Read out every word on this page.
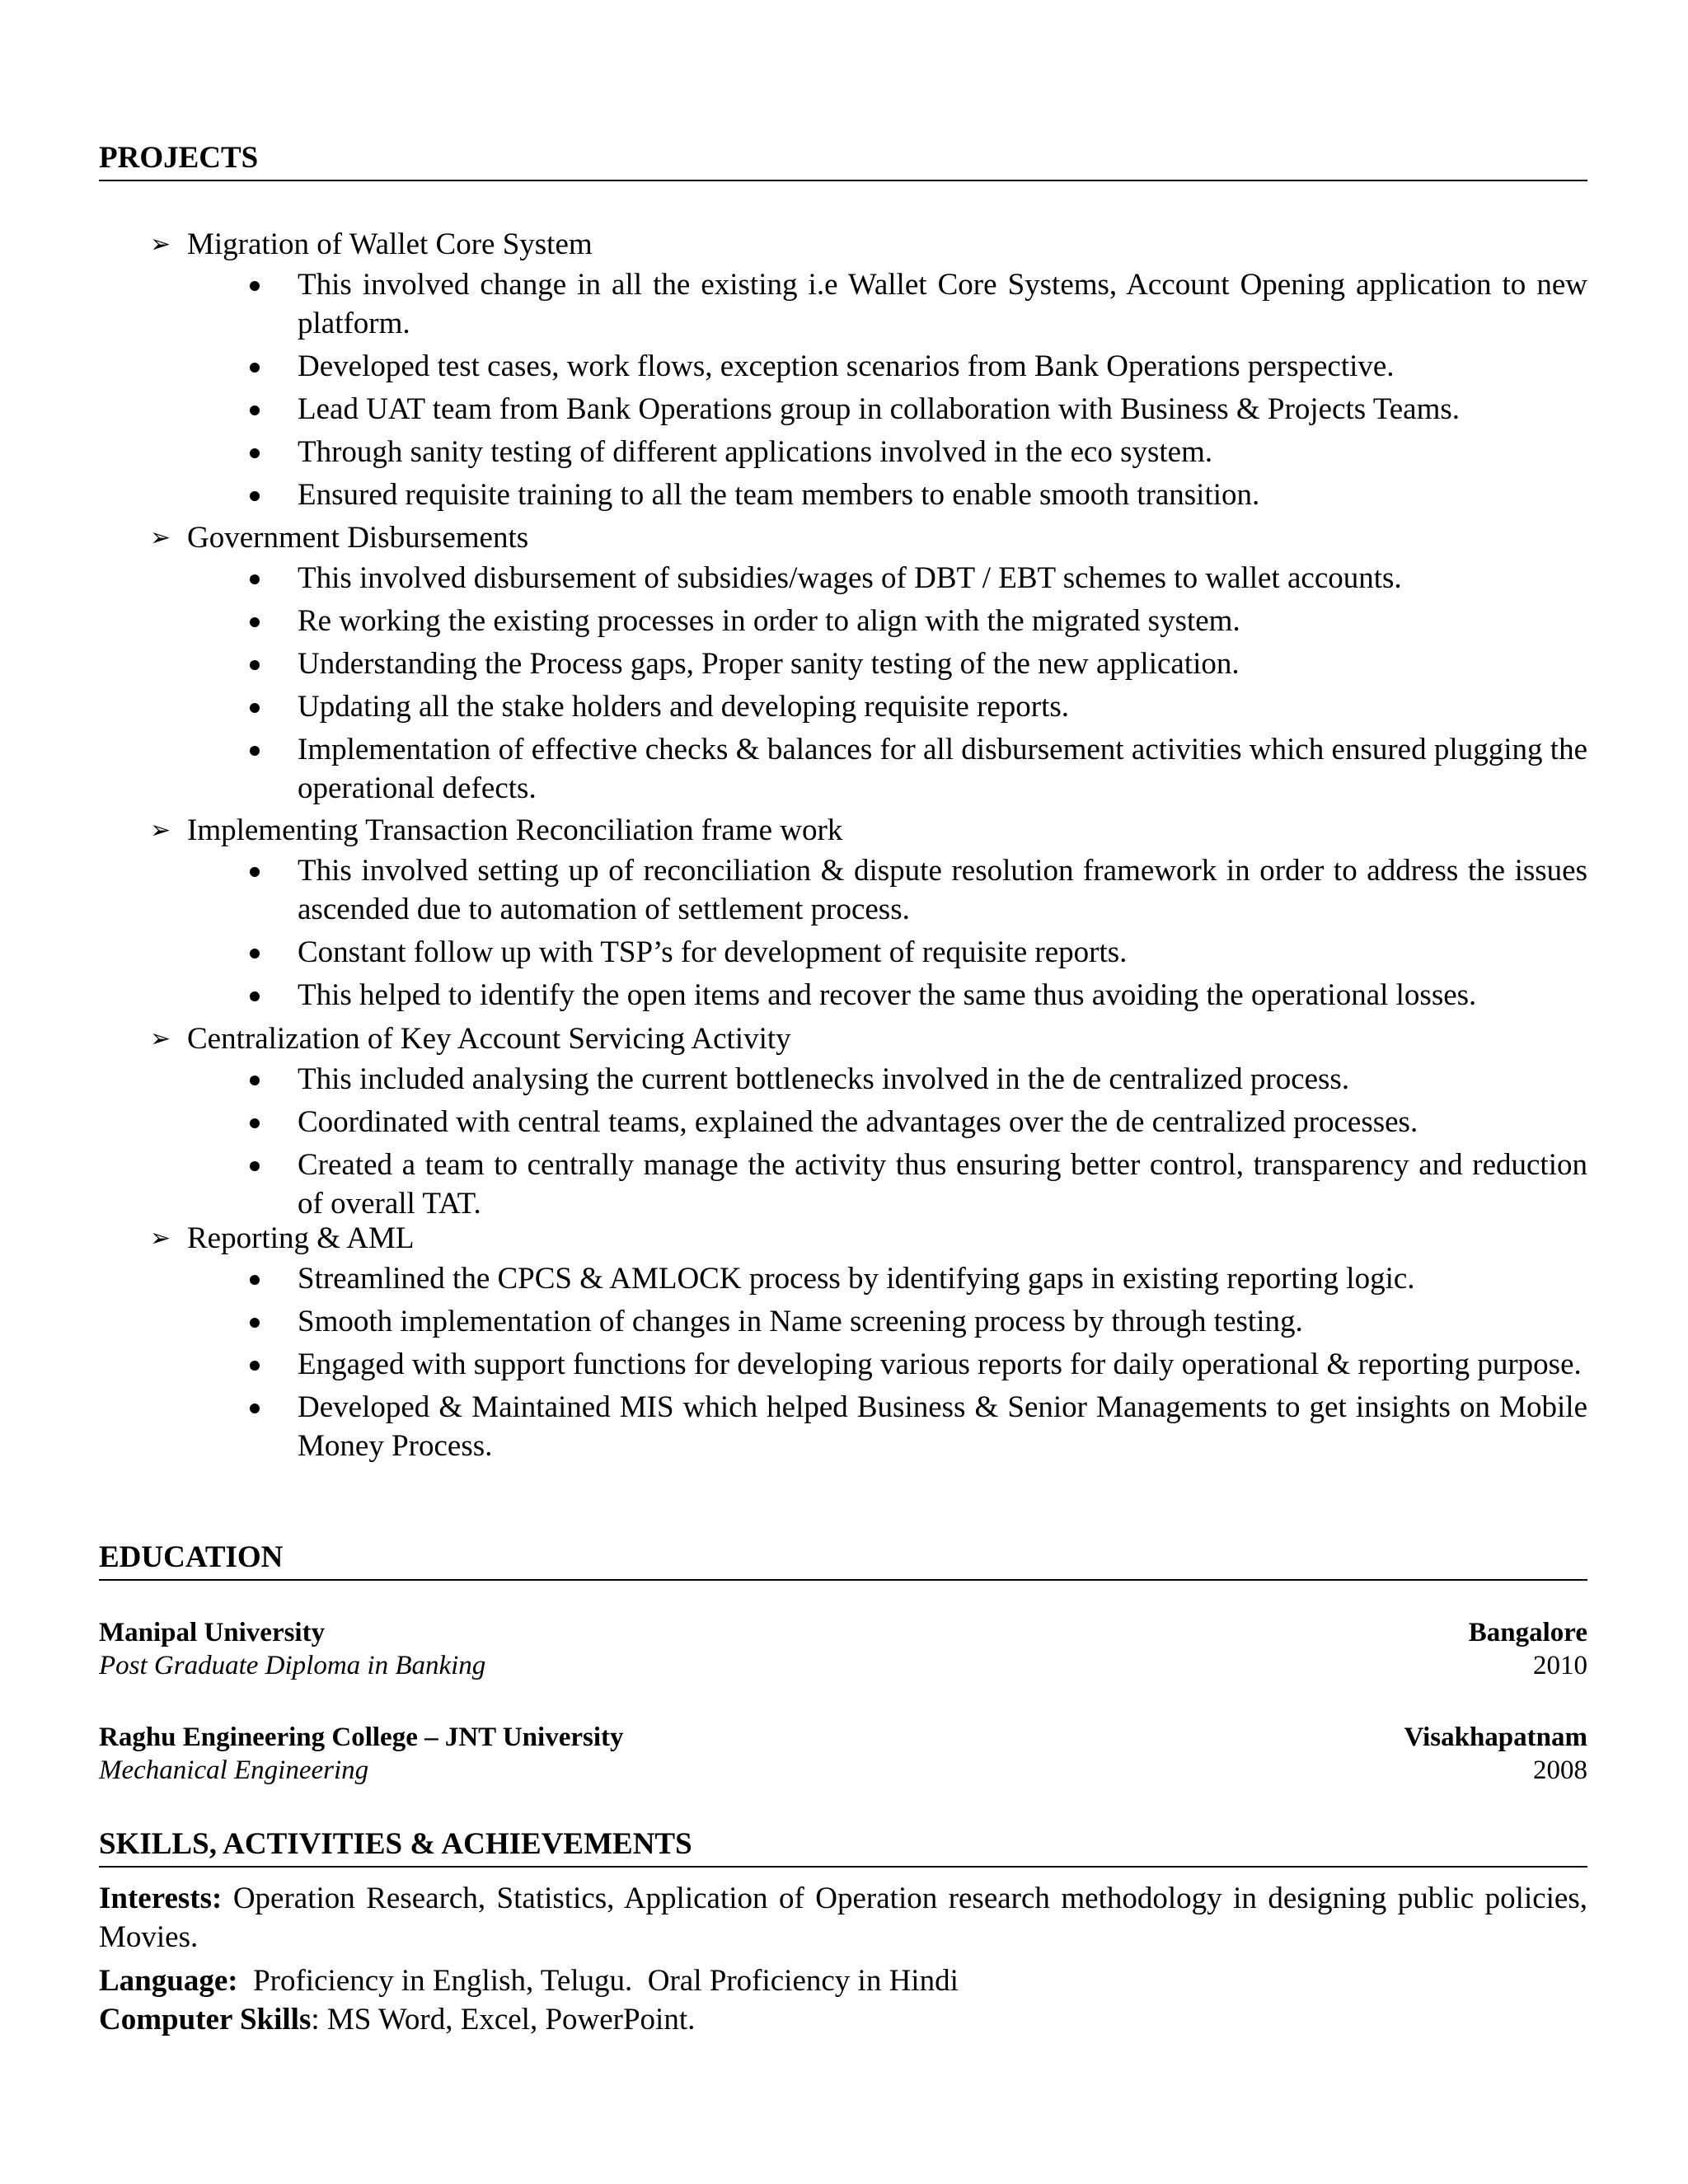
PROJECTS
➢ Migration of Wallet Core System
This involved change in all the existing i.e Wallet Core Systems, Account Opening application to new platform.
Developed test cases, work flows, exception scenarios from Bank Operations perspective.
Lead UAT team from Bank Operations group in collaboration with Business & Projects Teams.
Through sanity testing of different applications involved in the eco system.
Ensured requisite training to all the team members to enable smooth transition.
➢ Government Disbursements
This involved disbursement of subsidies/wages of DBT / EBT schemes to wallet accounts.
Re working the existing processes in order to align with the migrated system.
Understanding the Process gaps, Proper sanity testing of the new application.
Updating all the stake holders and developing requisite reports.
Implementation of effective checks & balances for all disbursement activities which ensured plugging the operational defects.
➢ Implementing Transaction Reconciliation frame work
This involved setting up of reconciliation & dispute resolution framework in order to address the issues ascended due to automation of settlement process.
Constant follow up with TSP’s for development of requisite reports.
This helped to identify the open items and recover the same thus avoiding the operational losses.
➢ Centralization of Key Account Servicing Activity
This included analysing the current bottlenecks involved in the de centralized process.
Coordinated with central teams, explained the advantages over the de centralized processes.
Created a team to centrally manage the activity thus ensuring better control, transparency and reduction of overall TAT.
➢ Reporting & AML
Streamlined the CPCS & AMLOCK process by identifying gaps in existing reporting logic.
Smooth implementation of changes in Name screening process by through testing.
Engaged with support functions for developing various reports for daily operational & reporting purpose.
Developed & Maintained MIS which helped Business & Senior Managements to get insights on Mobile Money Process.
EDUCATION
Manipal University
Post Graduate Diploma in Banking
Bangalore
2010
Raghu Engineering College – JNT University
Mechanical Engineering
Visakhapatnam
2008
SKILLS, ACTIVITIES & ACHIEVEMENTS
Interests: Operation Research, Statistics, Application of Operation research methodology in designing public policies, Movies.
Language:  Proficiency in English, Telugu.  Oral Proficiency in Hindi
Computer Skills: MS Word, Excel, PowerPoint.
